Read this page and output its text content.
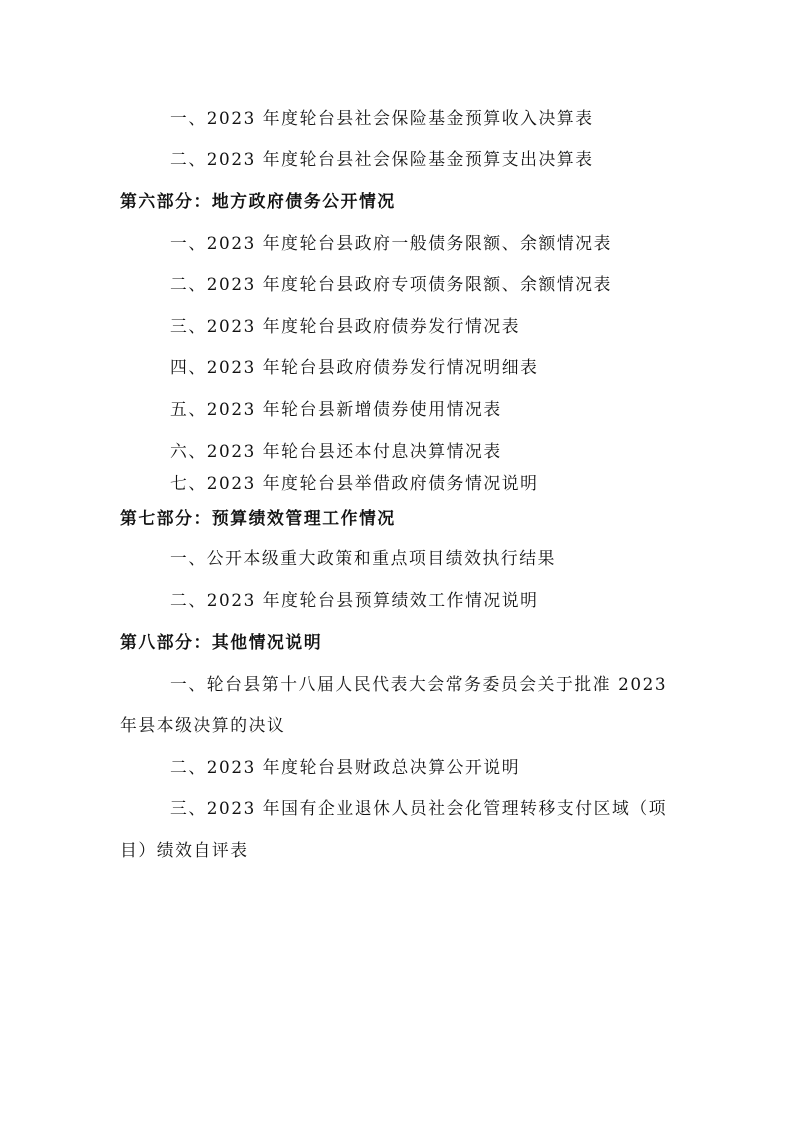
一、2023 年度轮台县社会保险基金预算收入决算表
二、2023 年度轮台县社会保险基金预算支出决算表
第六部分：地方政府债务公开情况
一、2023 年度轮台县政府一般债务限额、余额情况表
二、2023 年度轮台县政府专项债务限额、余额情况表
三、2023 年度轮台县政府债券发行情况表
四、2023 年轮台县政府债券发行情况明细表
五、2023 年轮台县新增债券使用情况表
六、2023 年轮台县还本付息决算情况表
七、2023 年度轮台县举借政府债务情况说明
第七部分：预算绩效管理工作情况
一、公开本级重大政策和重点项目绩效执行结果
二、2023 年度轮台县预算绩效工作情况说明
第八部分：其他情况说明
一、轮台县第十八届人民代表大会常务委员会关于批准 2023
年县本级决算的决议
二、2023 年度轮台县财政总决算公开说明
三、2023 年国有企业退休人员社会化管理转移支付区域（项
目）绩效自评表
